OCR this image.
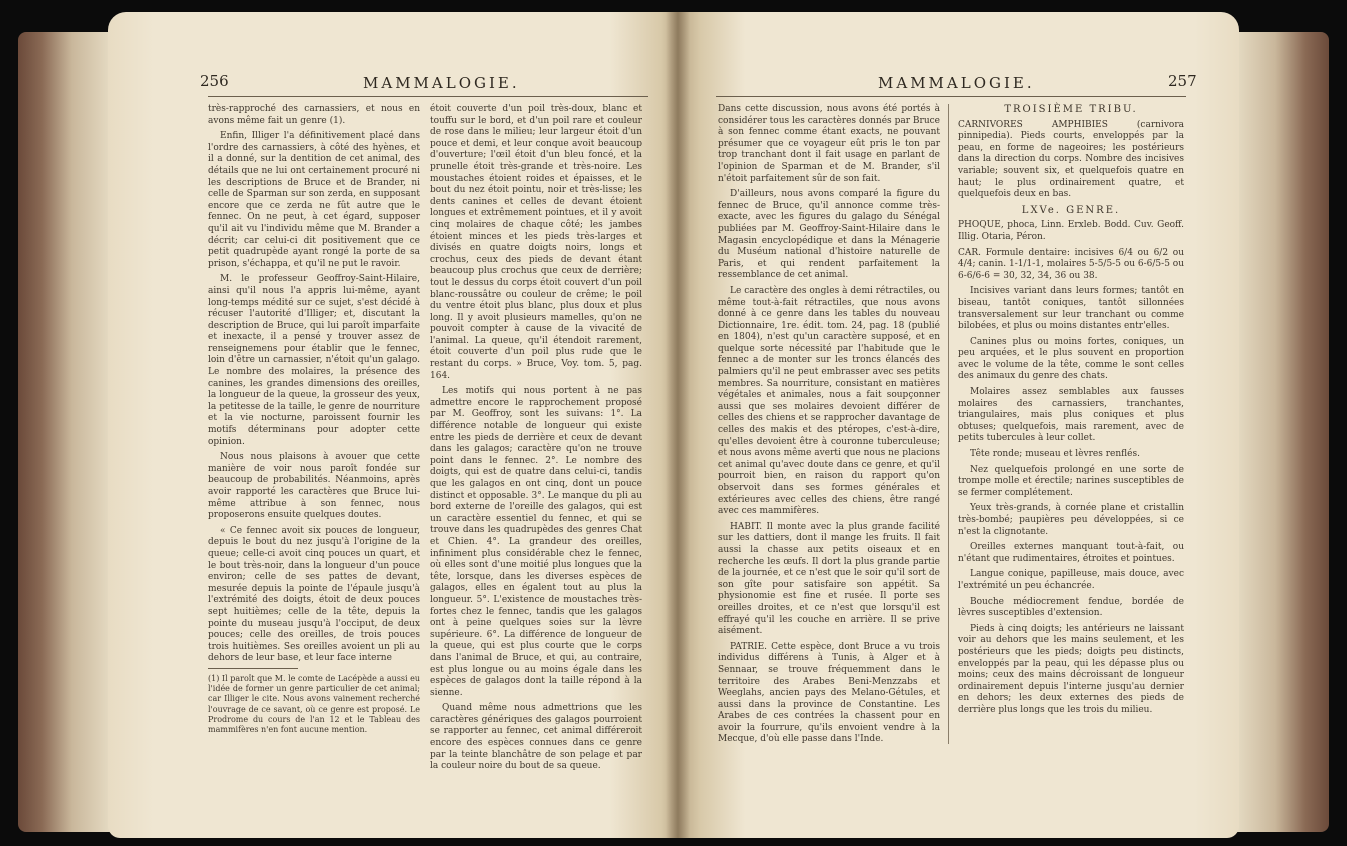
256	MAMMALOGIE.

très-rapproché des carnassiers, et nous en avons même fait un genre (1).

Enfin, Illiger l'a définitivement placé dans l'ordre des carnassiers, à côté des hyènes, et il a donné, sur la dentition de cet animal, des détails que ne lui ont certainement procuré ni les descriptions de Bruce et de Brander, ni celle de Sparman sur son zerda, en supposant encore que ce zerda ne fût autre que le fennec. On ne peut, à cet égard, supposer qu'il ait vu l'individu même que M. Brander a décrit; car celui-ci dit positivement que ce petit quadrupède ayant rongé la porte de sa prison, s'échappa, et qu'il ne put le ravoir.

M. le professeur Geoffroy-Saint-Hilaire, ainsi qu'il nous l'a appris lui-même, ayant long-temps médité sur ce sujet, s'est décidé à récuser l'autorité d'Illiger; et, discutant la description de Bruce, qui lui paroît imparfaite et inexacte, il a pensé y trouver assez de renseignemens pour établir que le fennec, loin d'être un carnassier, n'étoit qu'un galago. Le nombre des molaires, la présence des canines, les grandes dimensions des oreilles, la longueur de la queue, la grosseur des yeux, la petitesse de la taille, le genre de nourriture et la vie nocturne, paroissent fournir les motifs déterminans pour adopter cette opinion.

Nous nous plaisons à avouer que cette manière de voir nous paroît fondée sur beaucoup de probabilités. Néanmoins, après avoir rapporté les caractères que Bruce lui-même attribue à son fennec, nous proposerons ensuite quelques doutes.

« Ce fennec avoit six pouces de longueur, depuis le bout du nez jusqu'à l'origine de la queue; celle-ci avoit cinq pouces un quart, et le bout très-noir, dans la longueur d'un pouce environ; celle de ses pattes de devant, mesurée depuis la pointe de l'épaule jusqu'à l'extrémité des doigts, étoit de deux pouces sept huitièmes; celle de la tête, depuis la pointe du museau jusqu'à l'occiput, de deux pouces; celle des oreilles, de trois pouces trois huitièmes. Ses oreilles avoient un pli au dehors de leur base, et leur face interne

(1) Il paroît que M. le comte de Lacépède a aussi eu l'idée de former un genre particulier de cet animal; car Illiger le cite. Nous avons vainement recherché l'ouvrage de ce savant, où ce genre est proposé. Le Prodrome du cours de l'an 12 et le Tableau des mammifères n'en font aucune mention.

étoit couverte d'un poil très-doux, blanc et touffu sur le bord, et d'un poil rare et couleur de rose dans le milieu; leur largeur étoit d'un pouce et demi, et leur conque avoit beaucoup d'ouverture; l'œil étoit d'un bleu foncé, et la prunelle étoit très-grande et très-noire. Les moustaches étoient roides et épaisses, et le bout du nez étoit pointu, noir et très-lisse; les dents canines et celles de devant étoient longues et extrêmement pointues, et il y avoit cinq molaires de chaque côté; les jambes étoient minces et les pieds très-larges et divisés en quatre doigts noirs, longs et crochus, ceux des pieds de devant étant beaucoup plus crochus que ceux de derrière; tout le dessus du corps étoit couvert d'un poil blanc-roussâtre ou couleur de crême; le poil du ventre étoit plus blanc, plus doux et plus long. Il y avoit plusieurs mamelles, qu'on ne pouvoit compter à cause de la vivacité de l'animal. La queue, qu'il étendoit rarement, étoit couverte d'un poil plus rude que le restant du corps. » Bruce, Voy. tom. 5, pag. 164.

Les motifs qui nous portent à ne pas admettre encore le rapprochement proposé par M. Geoffroy, sont les suivans: 1°. La différence notable de longueur qui existe entre les pieds de derrière et ceux de devant dans les galagos; caractère qu'on ne trouve point dans le fennec. 2°. Le nombre des doigts, qui est de quatre dans celui-ci, tandis que les galagos en ont cinq, dont un pouce distinct et opposable. 3°. Le manque du pli au bord externe de l'oreille des galagos, qui est un caractère essentiel du fennec, et qui se trouve dans les quadrupèdes des genres Chat et Chien. 4°. La grandeur des oreilles, infiniment plus considérable chez le fennec, où elles sont d'une moitié plus longues que la tête, lorsque, dans les diverses espèces de galagos, elles en égalent tout au plus la longueur. 5°. L'existence de moustaches très-fortes chez le fennec, tandis que les galagos ont à peine quelques soies sur la lèvre supérieure. 6°. La différence de longueur de la queue, qui est plus courte que le corps dans l'animal de Bruce, et qui, au contraire, est plus longue ou au moins égale dans les espèces de galagos dont la taille répond à la sienne.

Quand même nous admettrions que les caractères génériques des galagos pourroient se rapporter au fennec, cet animal différeroit encore des espèces connues dans ce genre par la teinte blanchâtre de son pelage et par la couleur noire du bout de sa queue.

MAMMALOGIE.	257

Dans cette discussion, nous avons été portés à considérer tous les caractères donnés par Bruce à son fennec comme étant exacts, ne pouvant présumer que ce voyageur eût pris le ton par trop tranchant dont il fait usage en parlant de l'opinion de Sparman et de M. Brander, s'il n'étoit parfaitement sûr de son fait.

D'ailleurs, nous avons comparé la figure du fennec de Bruce, qu'il annonce comme très-exacte, avec les figures du galago du Sénégal publiées par M. Geoffroy-Saint-Hilaire dans le Magasin encyclopédique et dans la Ménagerie du Muséum national d'histoire naturelle de Paris, et qui rendent parfaitement la ressemblance de cet animal.

Le caractère des ongles à demi rétractiles, ou même tout-à-fait rétractiles, que nous avons donné à ce genre dans les tables du nouveau Dictionnaire, 1re. édit. tom. 24, pag. 18 (publié en 1804), n'est qu'un caractère supposé, et en quelque sorte nécessité par l'habitude que le fennec a de monter sur les troncs élancés des palmiers qu'il ne peut embrasser avec ses petits membres. Sa nourriture, consistant en matières végétales et animales, nous a fait soupçonner aussi que ses molaires devoient différer de celles des chiens et se rapprocher davantage de celles des makis et des ptéropes, c'est-à-dire, qu'elles devoient être à couronne tuberculeuse; et nous avons même averti que nous ne placions cet animal qu'avec doute dans ce genre, et qu'il pourroit bien, en raison du rapport qu'on observoit dans ses formes générales et extérieures avec celles des chiens, être rangé avec ces mammifères.

HABIT. Il monte avec la plus grande facilité sur les dattiers, dont il mange les fruits. Il fait aussi la chasse aux petits oiseaux et en recherche les œufs. Il dort la plus grande partie de la journée, et ce n'est que le soir qu'il sort de son gîte pour satisfaire son appétit. Sa physionomie est fine et rusée. Il porte ses oreilles droites, et ce n'est que lorsqu'il est effrayé qu'il les couche en arrière. Il se prive aisément.

PATRIE. Cette espèce, dont Bruce a vu trois individus différens à Tunis, à Alger et à Sennaar, se trouve fréquemment dans le territoire des Arabes Beni-Menzzabs et Weeglahs, ancien pays des Melano-Gétules, et aussi dans la province de Constantine. Les Arabes de ces contrées la chassent pour en avoir la fourrure, qu'ils envoient vendre à la Mecque, d'où elle passe dans l'Inde.

TROISIÈME TRIBU.

CARNIVORES AMPHIBIES (carnivora pinnipedia). Pieds courts, enveloppés par la peau, en forme de nageoires; les postérieurs dans la direction du corps. Nombre des incisives variable; souvent six, et quelquefois quatre en haut; le plus ordinairement quatre, et quelquefois deux en bas.

LXVe. GENRE.

PHOQUE, phoca, Linn. Erxleb. Bodd. Cuv. Geoff. Illig. Otaria, Péron.

CAR. Formule dentaire: incisives 6/4 ou 6/2 ou 4/4; canin. 1-1/1-1, molaires 5-5/5-5 ou 6-6/5-5 ou 6-6/6-6 = 30, 32, 34, 36 ou 38.

Incisives variant dans leurs formes; tantôt en biseau, tantôt coniques, tantôt sillonnées transversalement sur leur tranchant ou comme bilobées, et plus ou moins distantes entr'elles.

Canines plus ou moins fortes, coniques, un peu arquées, et le plus souvent en proportion avec le volume de la tête, comme le sont celles des animaux du genre des chats.

Molaires assez semblables aux fausses molaires des carnassiers, tranchantes, triangulaires, mais plus coniques et plus obtuses; quelquefois, mais rarement, avec de petits tubercules à leur collet.

Tête ronde; museau et lèvres renflés.

Nez quelquefois prolongé en une sorte de trompe molle et érectile; narines susceptibles de se fermer complétement.

Yeux très-grands, à cornée plane et cristallin très-bombé; paupières peu développées, si ce n'est la clignotante.

Oreilles externes manquant tout-à-fait, ou n'étant que rudimentaires, étroites et pointues.

Langue conique, papilleuse, mais douce, avec l'extrémité un peu échancrée.

Bouche médiocrement fendue, bordée de lèvres susceptibles d'extension.

Pieds à cinq doigts; les antérieurs ne laissant voir au dehors que les mains seulement, et les postérieurs que les pieds; doigts peu distincts, enveloppés par la peau, qui les dépasse plus ou moins; ceux des mains décroissant de longueur ordinairement depuis l'interne jusqu'au dernier en dehors; les deux externes des pieds de derrière plus longs que les trois du milieu.
